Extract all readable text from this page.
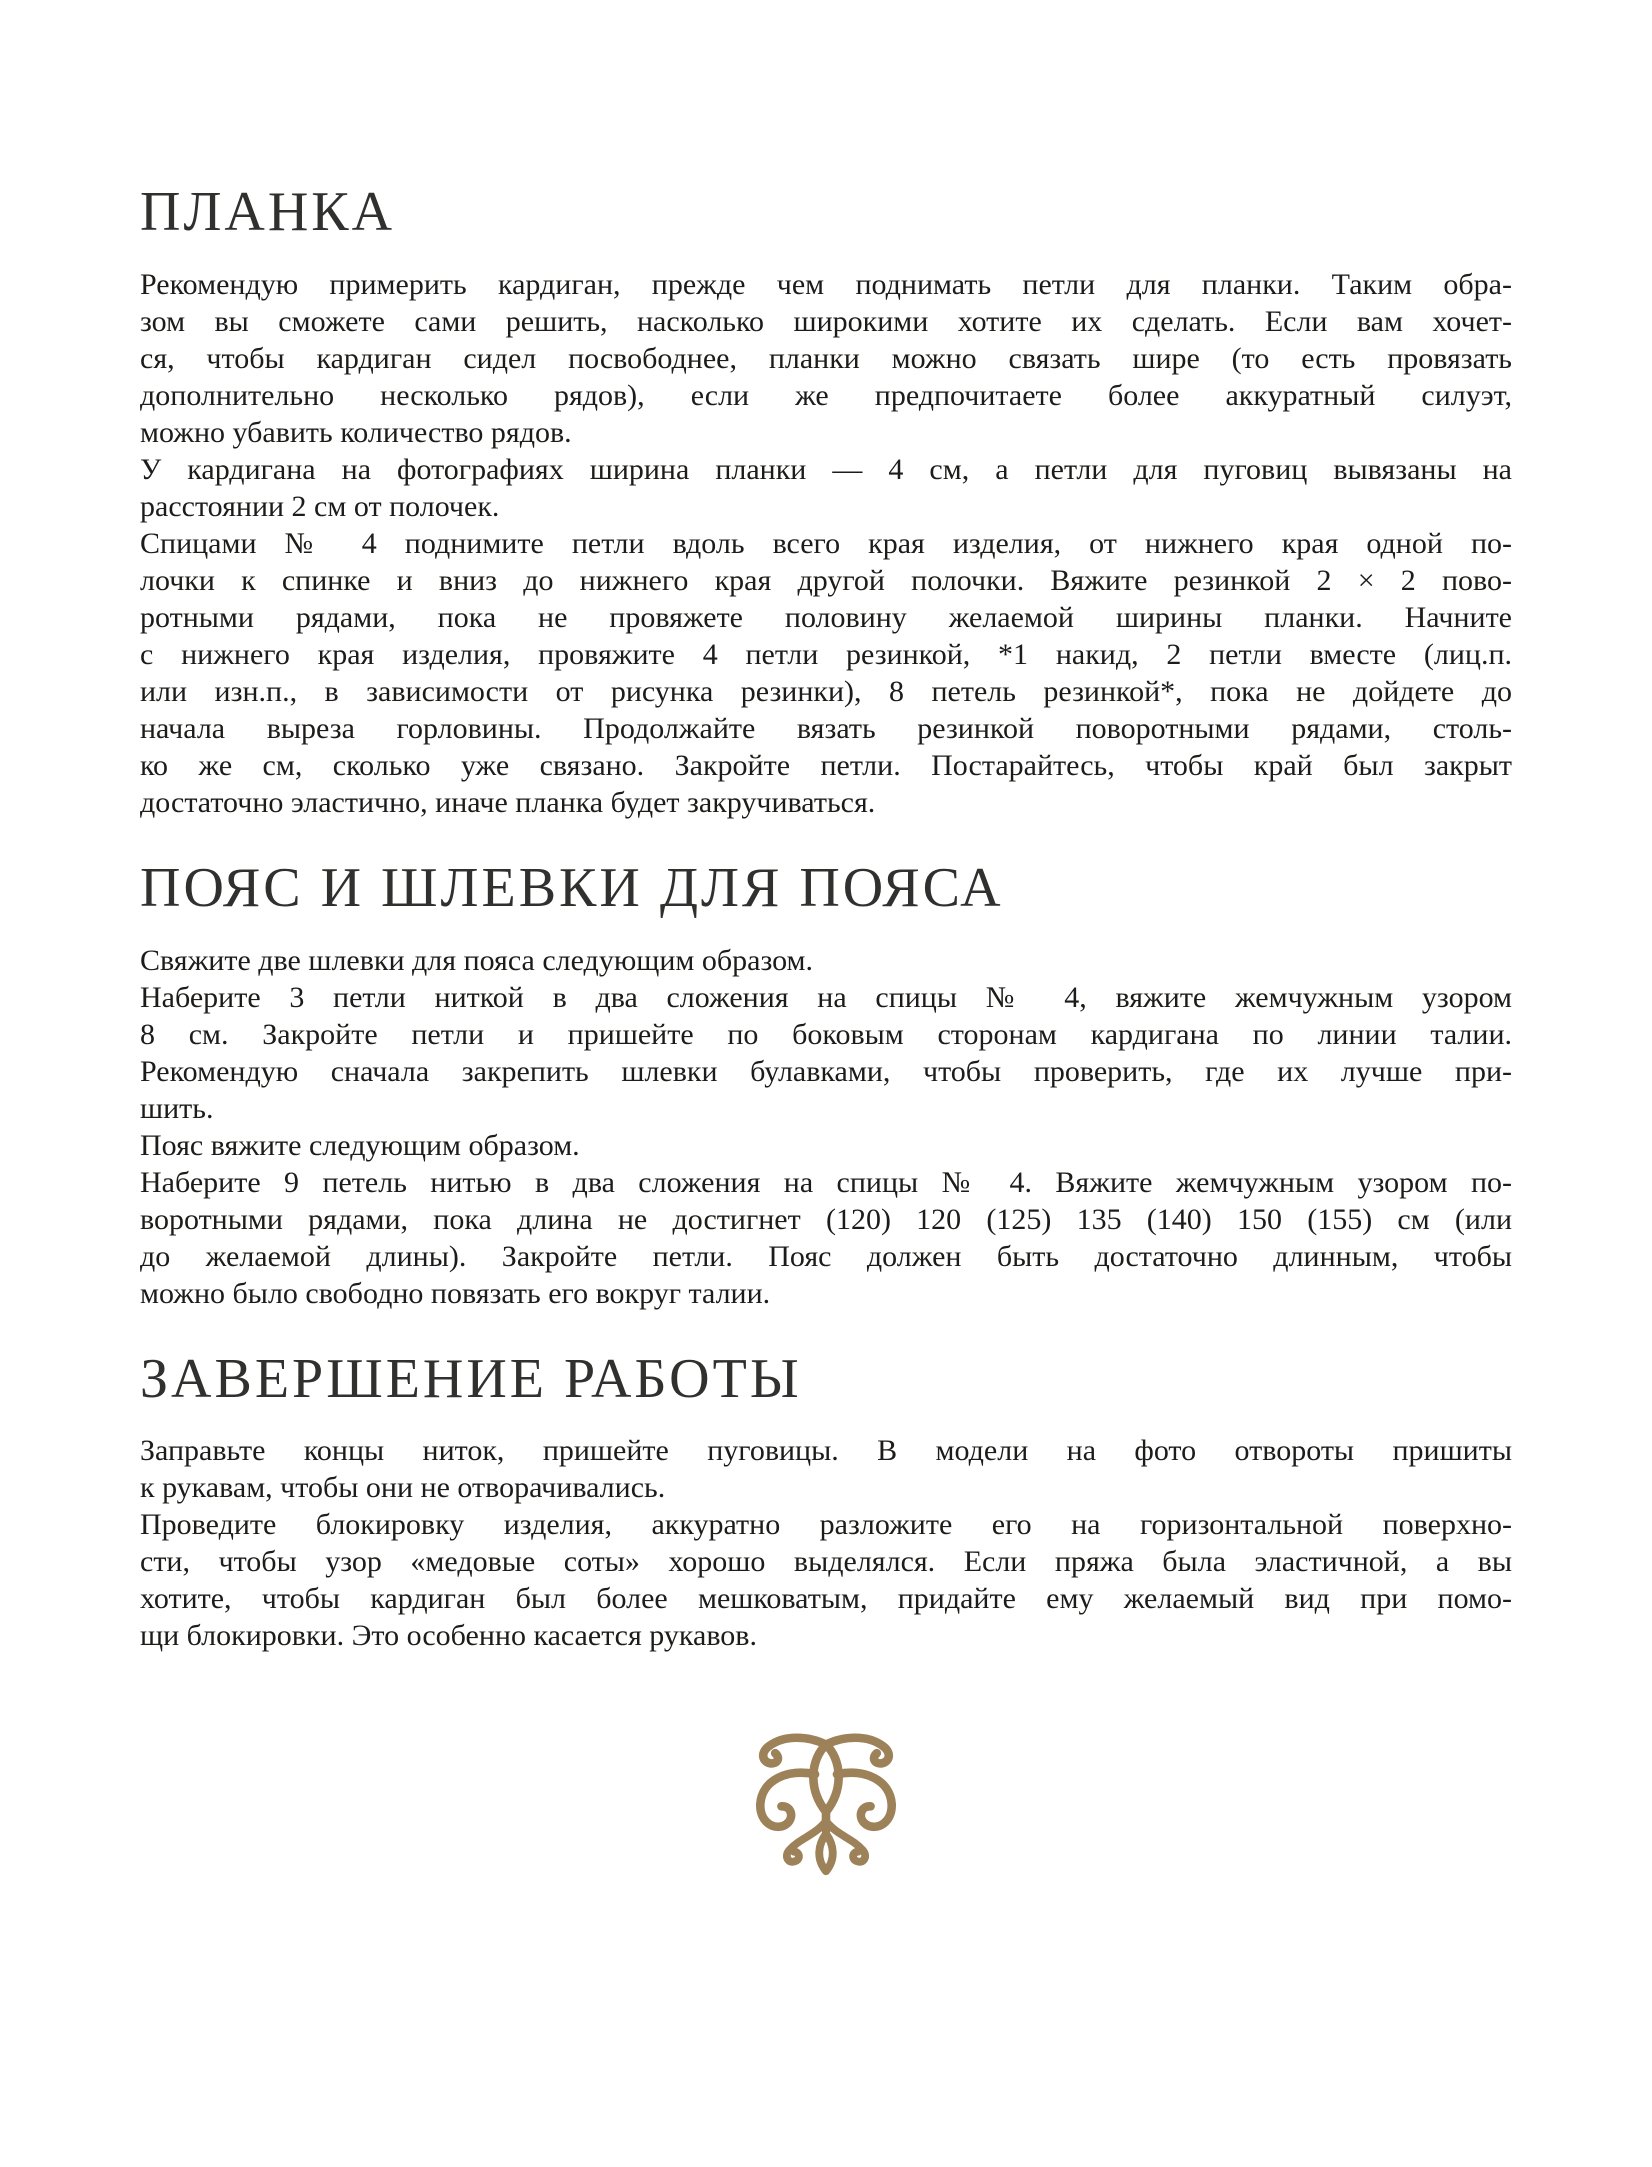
ПЛАНКА
Рекомендую примерить кардиган, прежде чем поднимать петли для планки. Таким обра-
зом вы сможете сами решить, насколько широкими хотите их сделать. Если вам хочет-
ся, чтобы кардиган сидел посвободнее, планки можно связать шире (то есть провязать
дополнительно несколько рядов), если же предпочитаете более аккуратный силуэт,
можно убавить количество рядов.
У кардигана на фотографиях ширина планки — 4 см, а петли для пуговиц вывязаны на
расстоянии 2 см от полочек.
Спицами № 4 поднимите петли вдоль всего края изделия, от нижнего края одной по-
лочки к спинке и вниз до нижнего края другой полочки. Вяжите резинкой 2 × 2 пово-
ротными рядами, пока не провяжете половину желаемой ширины планки. Начните
с нижнего края изделия, провяжите 4 петли резинкой, *1 накид, 2 петли вместе (лиц.п.
или изн.п., в зависимости от рисунка резинки), 8 петель резинкой*, пока не дойдете до
начала выреза горловины. Продолжайте вязать резинкой поворотными рядами, столь-
ко же см, сколько уже связано. Закройте петли. Постарайтесь, чтобы край был закрыт
достаточно эластично, иначе планка будет закручиваться.
ПОЯС И ШЛЕВКИ ДЛЯ ПОЯСА
Свяжите две шлевки для пояса следующим образом.
Наберите 3 петли ниткой в два сложения на спицы № 4, вяжите жемчужным узором
8 см. Закройте петли и пришейте по боковым сторонам кардигана по линии талии.
Рекомендую сначала закрепить шлевки булавками, чтобы проверить, где их лучше при-
шить.
Пояс вяжите следующим образом.
Наберите 9 петель нитью в два сложения на спицы № 4. Вяжите жемчужным узором по-
воротными рядами, пока длина не достигнет (120) 120 (125) 135 (140) 150 (155) см (или
до желаемой длины). Закройте петли. Пояс должен быть достаточно длинным, чтобы
можно было свободно повязать его вокруг талии.
ЗАВЕРШЕНИЕ РАБОТЫ
Заправьте концы ниток, пришейте пуговицы. В модели на фото отвороты пришиты
к рукавам, чтобы они не отворачивались.
Проведите блокировку изделия, аккуратно разложите его на горизонтальной поверхно-
сти, чтобы узор «медовые соты» хорошо выделялся. Если пряжа была эластичной, а вы
хотите, чтобы кардиган был более мешковатым, придайте ему желаемый вид при помо-
щи блокировки. Это особенно касается рукавов.
